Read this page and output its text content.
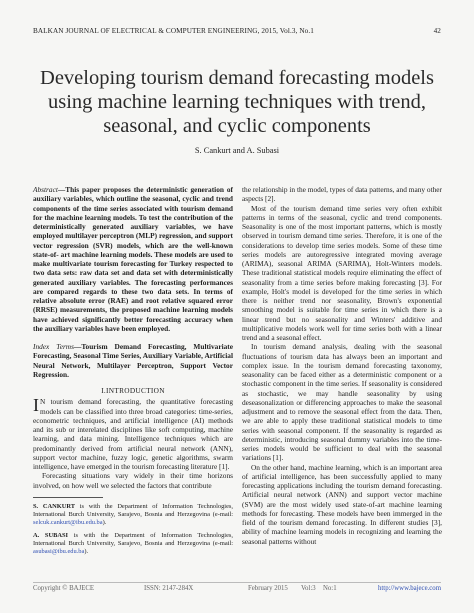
BALKAN JOURNAL OF ELECTRICAL & COMPUTER ENGINEERING, 2015, Vol.3, No.1	42
Developing tourism demand forecasting models
using machine learning techniques with trend,
seasonal, and cyclic components
S. Cankurt and A. Subasi
Abstract—This paper proposes the deterministic generation of auxiliary variables, which outline the seasonal, cyclic and trend components of the time series associated with tourism demand for the machine learning models. To test the contribution of the deterministically generated auxiliary variables, we have employed multilayer perceptron (MLP) regression, and support vector regression (SVR) models, which are the well-known state-of- art machine learning models. These models are used to make multivariate tourism forecasting for Turkey respected to two data sets: raw data set and data set with deterministically generated auxiliary variables. The forecasting performances are compared regards to these two data sets. In terms of relative absolute error (RAE) and root relative squared error (RRSE) measurements, the proposed machine learning models have achieved significantly better forecasting accuracy when the auxiliary variables have been employed.
Index Terms—Tourism Demand Forecasting, Multivariate Forecasting, Seasonal Time Series, Auxiliary Variable, Artificial Neural Network, Multilayer Perceptron, Support Vector Regression.
I.INTRODUCTION
I N tourism demand forecasting, the quantitative forecasting models can be classified into three broad categories: time-series, econometric techniques, and artificial intelligence (AI) methods and its sub or interelated disciplines like soft computing, machine learning, and data mining. Intelligence techniques which are predominantly derived from artificial neural network (ANN), support vector machine, fuzzy logic, genetic algorithms, swarm intelligence, have emerged in the tourism forecasting literature [1].
Forecasting situations vary widely in their time horizons involved, on how well we selected the factors that contribute
S. CANKURT is with the Department of Information Technologies, International Burch University, Sarajevo, Bosnia and Herzegovina (e-mail: selcuk.cankurt@ibu.edu.ba).
A. SUBASI is with the Department of Information Technologies, International Burch University, Sarajevo, Bosnia and Herzegovina (e-mail: asubasi@ibu.edu.ba).
the relationship in the model, types of data patterns, and many other aspects [2].
Most of the tourism demand time series very often exhibit patterns in terms of the seasonal, cyclic and trend components. Seasonality is one of the most important patterns, which is mostly observed in tourism demand time series. Therefore, it is one of the considerations to develop time series models. Some of these time series models are autoregressive integrated moving average (ARIMA), seasonal ARIMA (SARIMA), Holt-Winters models. These traditional statistical models require eliminating the effect of seasonality from a time series before making forecasting [3]. For example, Holt's model is developed for the time series in which there is neither trend nor seasonality, Brown's exponential smoothing model is suitable for time series in which there is a linear trend but no seasonality and Winters' additive and multiplicative models work well for time series both with a linear trend and a seasonal effect.
In tourism demand analysis, dealing with the seasonal fluctuations of tourism data has always been an important and complex issue. In the tourism demand forecasting taxonomy, seasonality can be faced either as a deterministic component or a stochastic component in the time series. If seasonality is considered as stochastic, we may handle seasonality by using deseasonalization or differencing approaches to make the seasonal adjustment and to remove the seasonal effect from the data. Then, we are able to apply these traditional statistical models to time series with seasonal component. If the seasonality is regarded as deterministic, introducing seasonal dummy variables into the time-series models would be sufficient to deal with the seasonal variations [1].
On the other hand, machine learning, which is an important area of artificial intelligence, has been successfully applied to many forecasting applications including the tourism demand forecasting. Artificial neural network (ANN) and support vector machine (SVM) are the most widely used state-of-art machine learning methods for forecasting. These models have been immerged in the field of the tourism demand forecasting. In different studies [3], ability of machine learning models in recognizing and learning the seasonal patterns without
Copyright © BAJECE	ISSN: 2147-284X	February 2015 Vol:3 No:1	http://www.bajece.com
